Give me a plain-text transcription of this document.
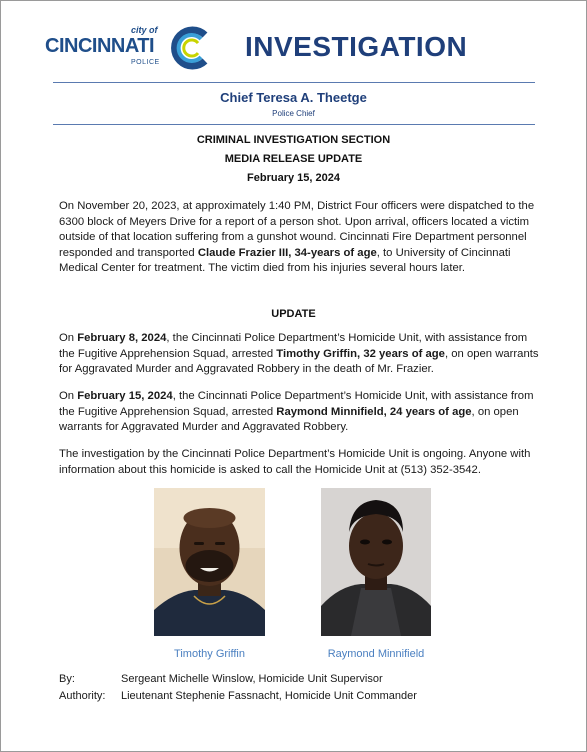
city of
CINCINNATI
POLICE
INVESTIGATION
Chief Teresa A. Theetge
Police Chief
CRIMINAL INVESTIGATION SECTION
MEDIA RELEASE UPDATE
February 15, 2024
On November 20, 2023, at approximately 1:40 PM, District Four officers were dispatched to the 6300 block of Meyers Drive for a report of a person shot. Upon arrival, officers located a victim outside of that location suffering from a gunshot wound. Cincinnati Fire Department personnel responded and transported Claude Frazier III, 34-years of age, to University of Cincinnati Medical Center for treatment. The victim died from his injuries several hours later.
UPDATE
On February 8, 2024, the Cincinnati Police Department’s Homicide Unit, with assistance from the Fugitive Apprehension Squad, arrested Timothy Griffin, 32 years of age, on open warrants for Aggravated Murder and Aggravated Robbery in the death of Mr. Frazier.
On February 15, 2024, the Cincinnati Police Department’s Homicide Unit, with assistance from the Fugitive Apprehension Squad, arrested Raymond Minnifield, 24 years of age, on open warrants for Aggravated Murder and Aggravated Robbery.
The investigation by the Cincinnati Police Department’s Homicide Unit is ongoing. Anyone with information about this homicide is asked to call the Homicide Unit at (513) 352-3542.
Timothy Griffin	Raymond Minnifield
By:	Sergeant Michelle Winslow, Homicide Unit Supervisor
Authority: Lieutenant Stephenie Fassnacht, Homicide Unit Commander
